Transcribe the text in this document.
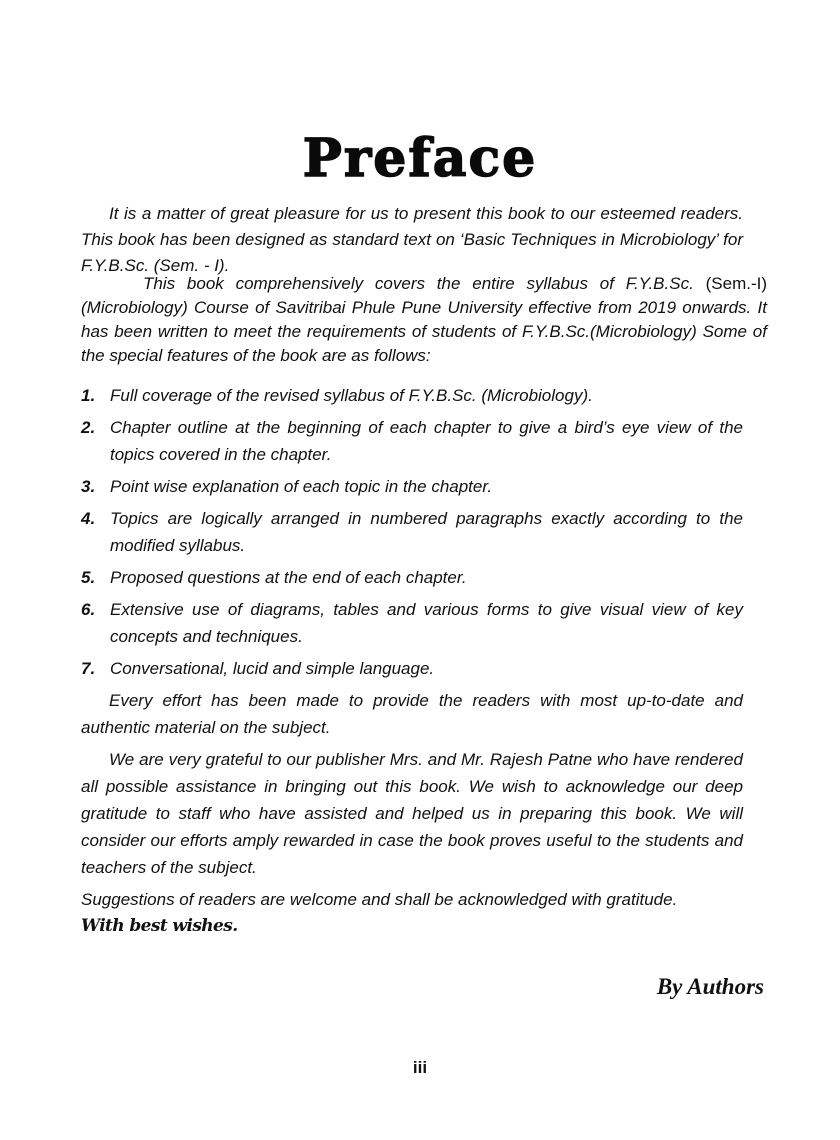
Preface
It is a matter of great pleasure for us to present this book to our esteemed readers. This book has been designed as standard text on ‘Basic Techniques in Microbiology’ for F.Y.B.Sc. (Sem. - I).
This book comprehensively covers the entire syllabus of F.Y.B.Sc. (Sem.-I) (Microbiology) Course of Savitribai Phule Pune University effective from 2019 onwards. It has been written to meet the requirements of students of F.Y.B.Sc.(Microbiology) Some of the special features of the book are as follows:
1. Full coverage of the revised syllabus of F.Y.B.Sc. (Microbiology).
2. Chapter outline at the beginning of each chapter to give a bird’s eye view of the topics covered in the chapter.
3. Point wise explanation of each topic in the chapter.
4. Topics are logically arranged in numbered paragraphs exactly according to the modified syllabus.
5. Proposed questions at the end of each chapter.
6. Extensive use of diagrams, tables and various forms to give visual view of key concepts and techniques.
7. Conversational, lucid and simple language.
Every effort has been made to provide the readers with most up-to-date and authentic material on the subject.
We are very grateful to our publisher Mrs. and Mr. Rajesh Patne who have rendered all possible assistance in bringing out this book. We wish to acknowledge our deep gratitude to staff who have assisted and helped us in preparing this book. We will consider our efforts amply rewarded in case the book proves useful to the students and teachers of the subject.
Suggestions of readers are welcome and shall be acknowledged with gratitude.
With best wishes.
By Authors
iii
